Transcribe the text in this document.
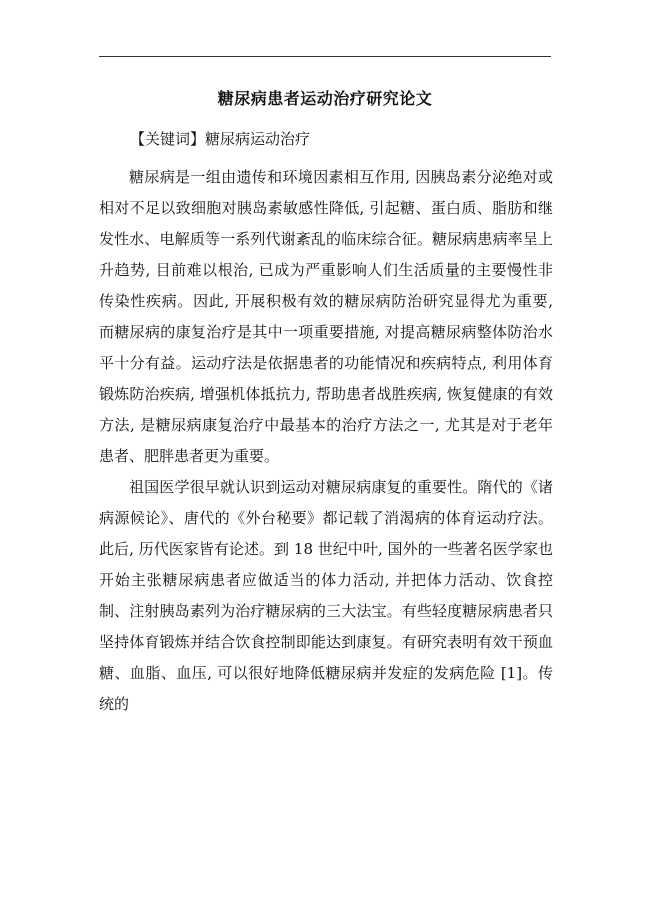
糖尿病患者运动治疗研究论文
【关键词】糖尿病运动治疗

糖尿病是一组由遗传和环境因素相互作用, 因胰岛素分泌绝对或相对不足以致细胞对胰岛素敏感性降低, 引起糖、蛋白质、脂肪和继发性水、电解质等一系列代谢紊乱的临床综合征。糖尿病患病率呈上升趋势, 目前难以根治, 已成为严重影响人们生活质量的主要慢性非传染性疾病。因此, 开展积极有效的糖尿病防治研究显得尤为重要, 而糖尿病的康复治疗是其中一项重要措施, 对提高糖尿病整体防治水平十分有益。运动疗法是依据患者的功能情况和疾病特点, 利用体育锻炼防治疾病, 增强机体抵抗力, 帮助患者战胜疾病, 恢复健康的有效方法, 是糖尿病康复治疗中最基本的治疗方法之一, 尤其是对于老年患者、肥胖患者更为重要。

祖国医学很早就认识到运动对糖尿病康复的重要性。隋代的《诸病源候论》、唐代的《外台秘要》都记载了消渴病的体育运动疗法。此后, 历代医家皆有论述。到 18 世纪中叶, 国外的一些著名医学家也开始主张糖尿病患者应做适当的体力活动, 并把体力活动、饮食控制、注射胰岛素列为治疗糖尿病的三大法宝。有些轻度糖尿病患者只坚持体育锻炼并结合饮食控制即能达到康复。有研究表明有效干预血糖、血脂、血压, 可以很好地降低糖尿病并发症的发病危险 [1]。传统的
